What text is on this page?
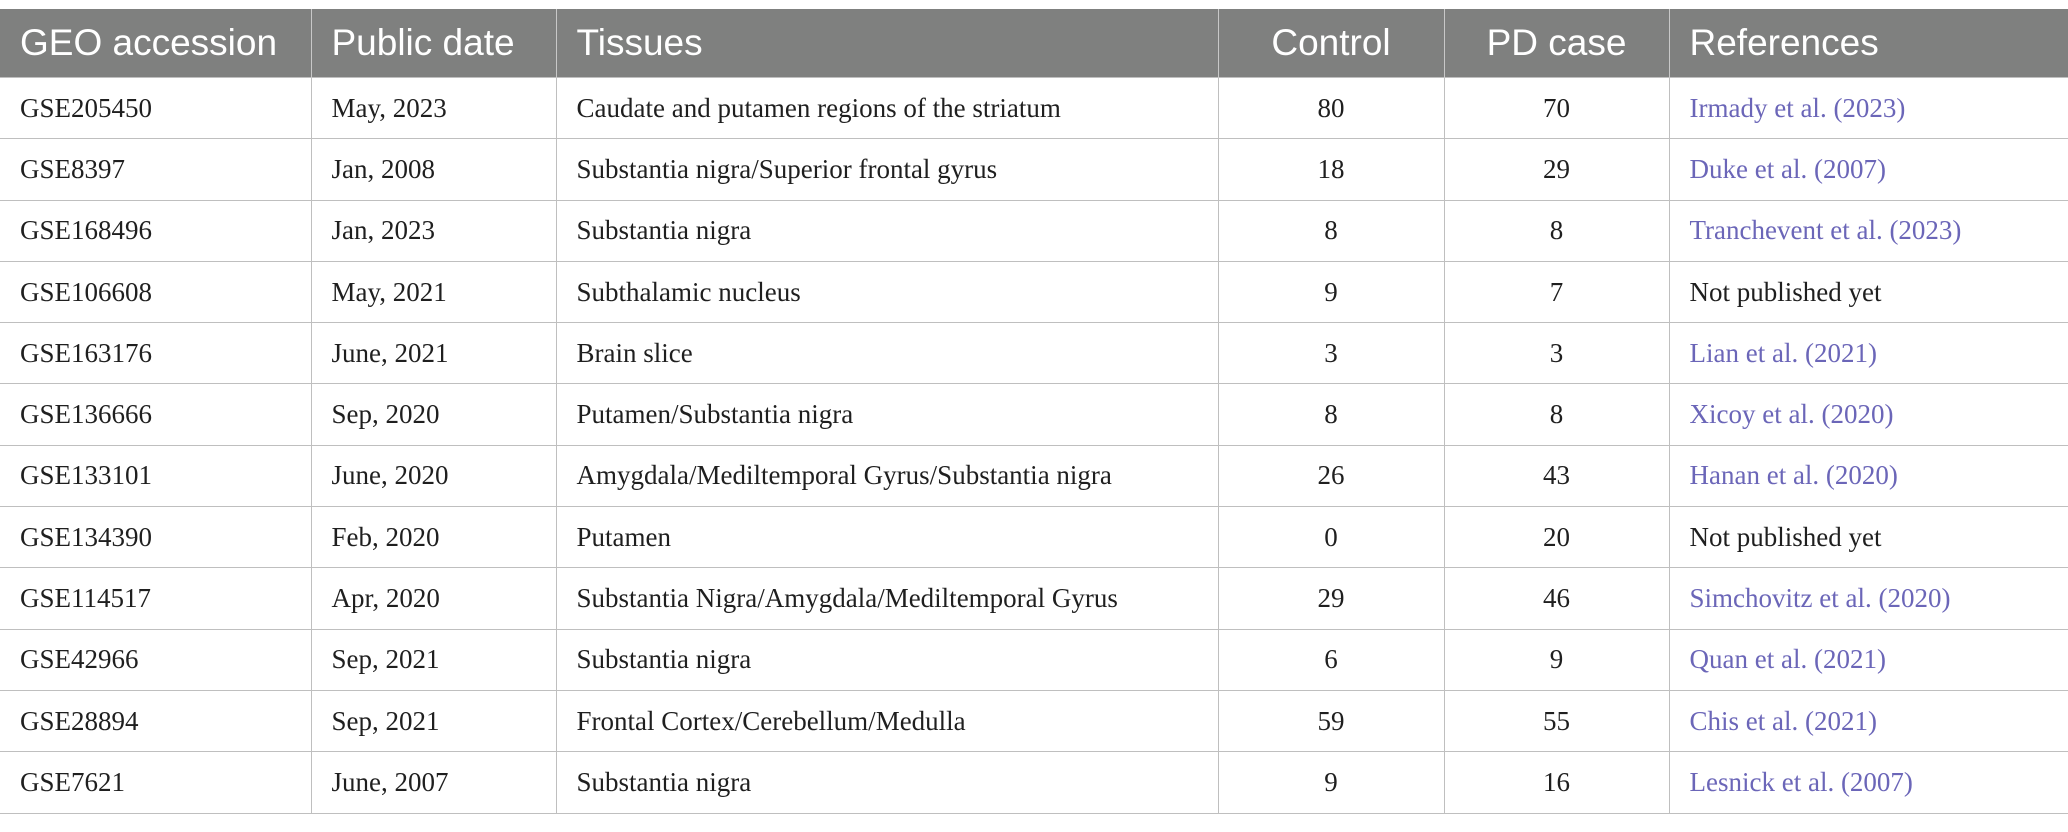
GEO accession	Public date	Tissues	Control	PD case	References
GSE205450	May, 2023	Caudate and putamen regions of the striatum	80	70	Irmady et al. (2023)
GSE8397	Jan, 2008	Substantia nigra/Superior frontal gyrus	18	29	Duke et al. (2007)
GSE168496	Jan, 2023	Substantia nigra	8	8	Tranchevent et al. (2023)
GSE106608	May, 2021	Subthalamic nucleus	9	7	Not published yet
GSE163176	June, 2021	Brain slice	3	3	Lian et al. (2021)
GSE136666	Sep, 2020	Putamen/Substantia nigra	8	8	Xicoy et al. (2020)
GSE133101	June, 2020	Amygdala/Mediltemporal Gyrus/Substantia nigra	26	43	Hanan et al. (2020)
GSE134390	Feb, 2020	Putamen	0	20	Not published yet
GSE114517	Apr, 2020	Substantia Nigra/Amygdala/Mediltemporal Gyrus	29	46	Simchovitz et al. (2020)
GSE42966	Sep, 2021	Substantia nigra	6	9	Quan et al. (2021)
GSE28894	Sep, 2021	Frontal Cortex/Cerebellum/Medulla	59	55	Chis et al. (2021)
GSE7621	June, 2007	Substantia nigra	9	16	Lesnick et al. (2007)
